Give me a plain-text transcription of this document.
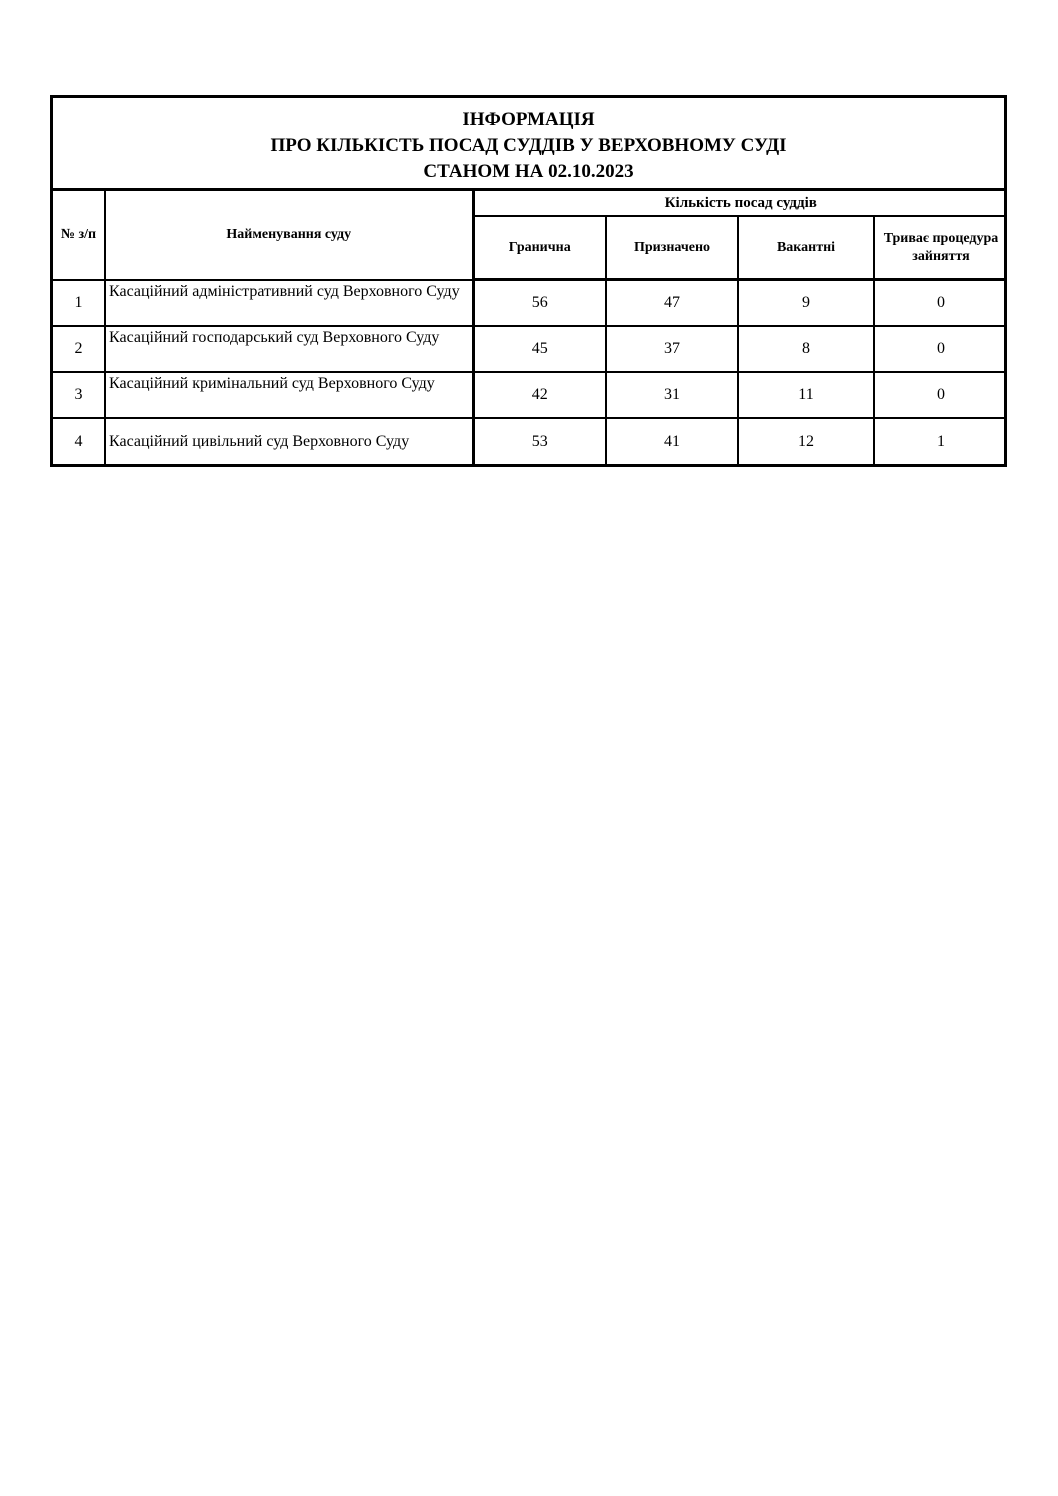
ІНФОРМАЦІЯ
ПРО КІЛЬКІСТЬ ПОСАД СУДДІВ У ВЕРХОВНОМУ СУДІ
СТАНОМ НА 02.10.2023
№ з/п	Найменування суду	Кількість посад суддів			
		Гранична	Призначено	Вакантні	Триває процедура зайняття
1	Касаційний адміністративний суд Верховного Суду	56	47	9	0
2	Касаційний господарський суд Верховного Суду	45	37	8	0
3	Касаційний кримінальний суд Верховного Суду	42	31	11	0
4	Касаційний цивільний суд Верховного Суду	53	41	12	1
